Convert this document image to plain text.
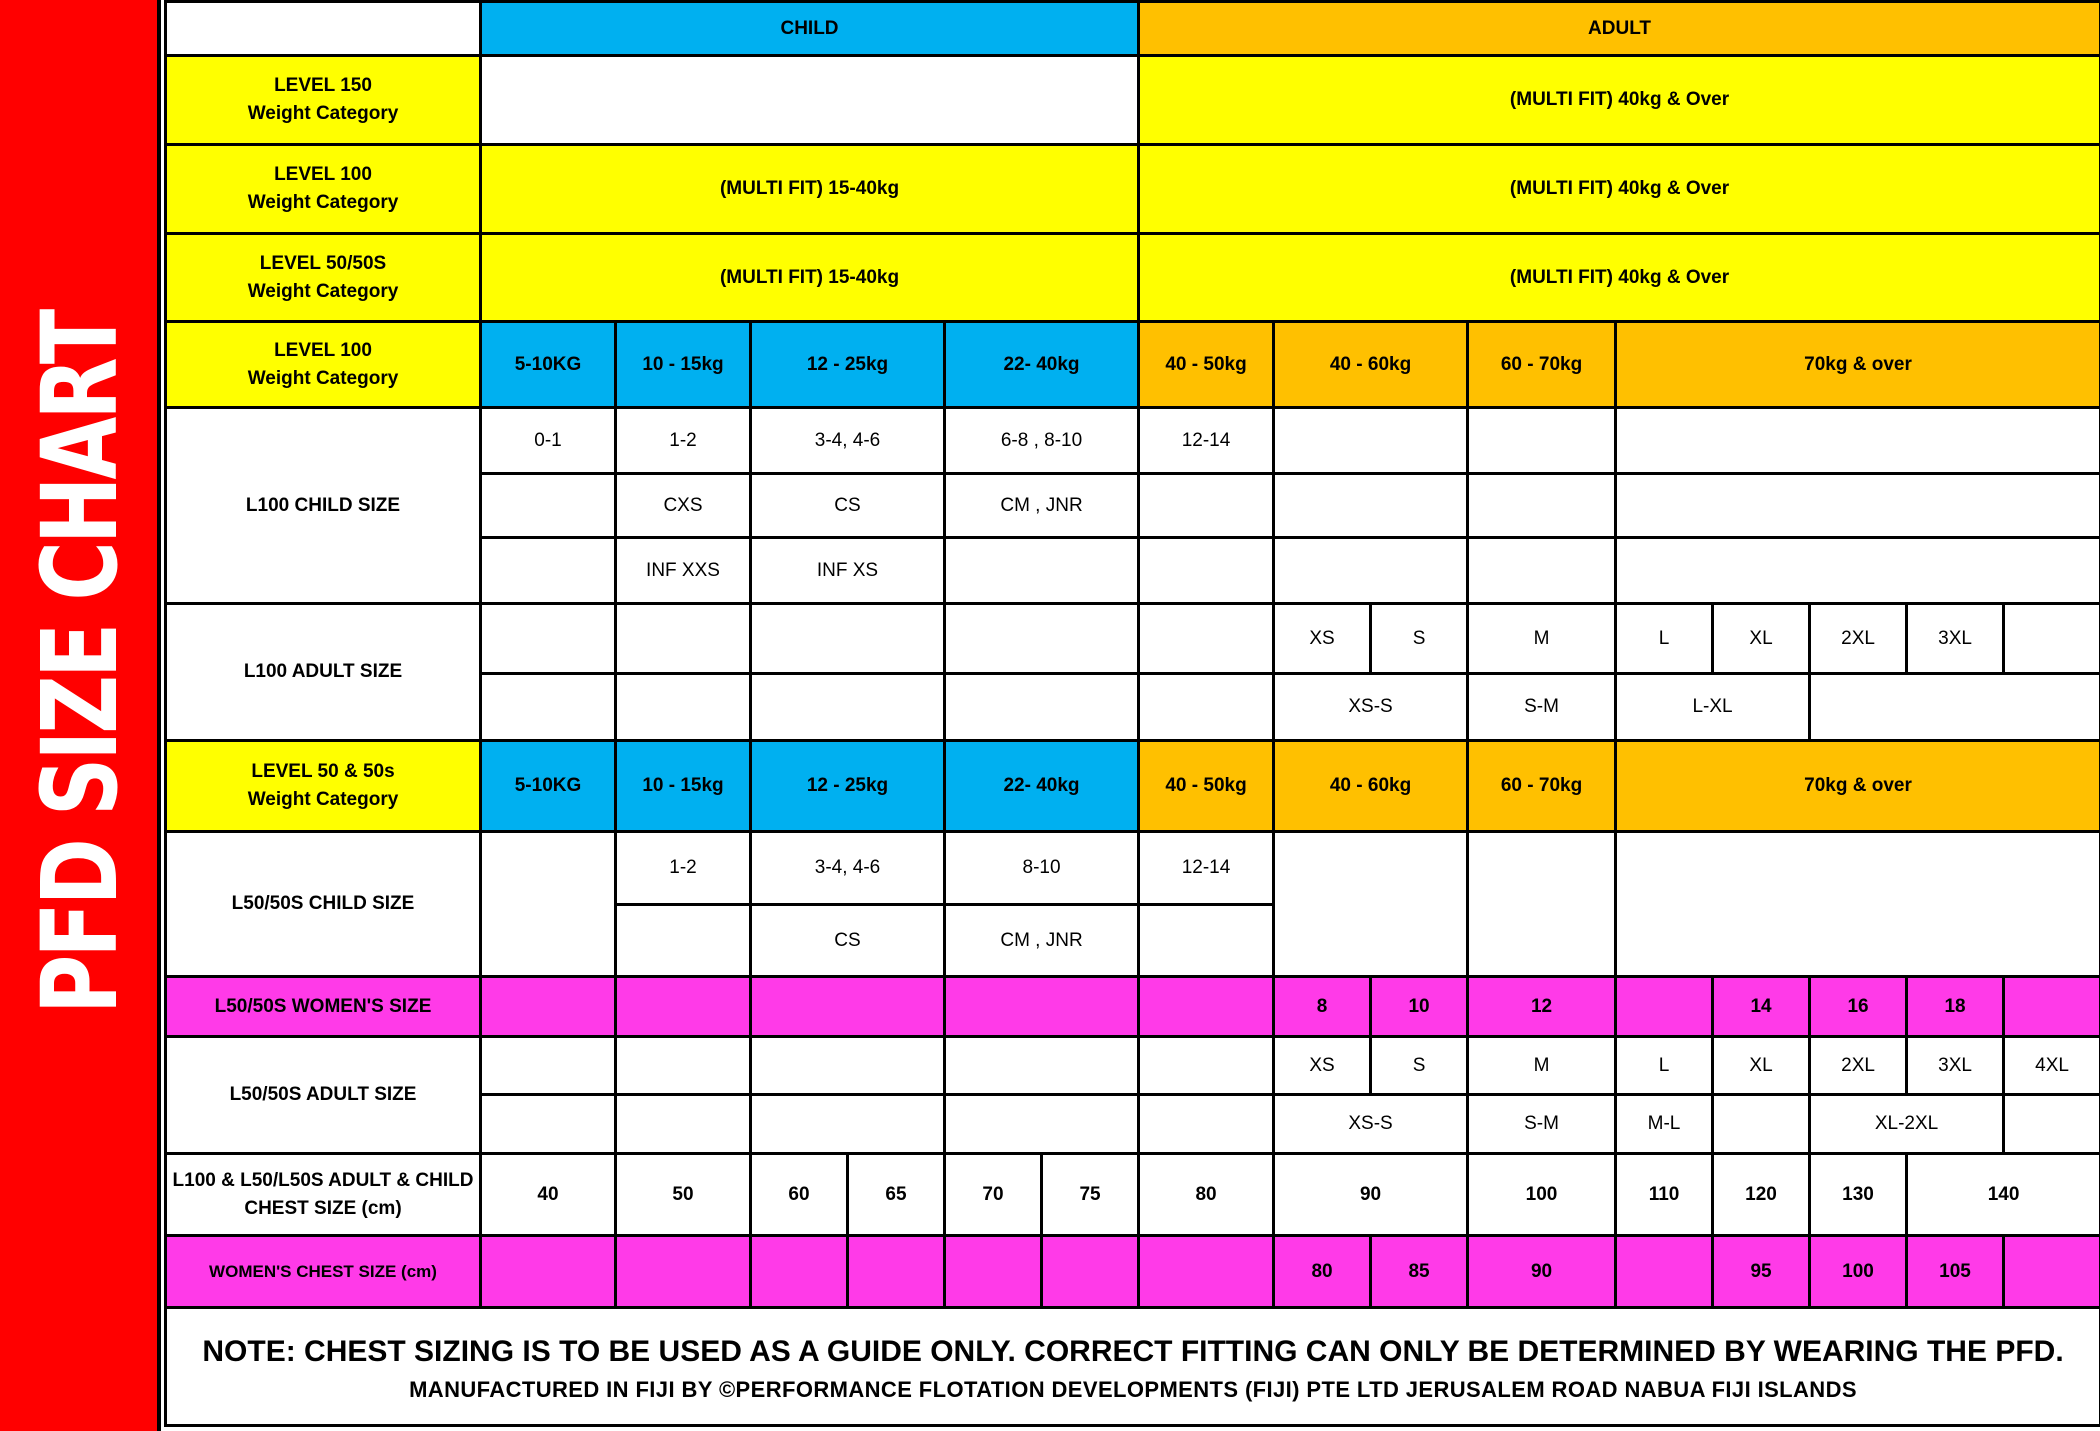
PFD SIZE CHART
	CHILD						ADULT								

LEVEL 150
Weight Category							(MULTI FIT) 40kg & Over								

LEVEL 100
Weight Category	(MULTI FIT) 15-40kg						(MULTI FIT) 40kg & Over								

LEVEL 50/50S
Weight Category	(MULTI FIT) 15-40kg						(MULTI FIT) 40kg & Over								

LEVEL 100
Weight Category	5-10KG	10 - 15kg	12 - 25kg		22- 40kg		40 - 50kg	40 - 60kg		60 - 70kg	70kg & over				
L100 CHILD SIZE	0-1	1-2	3-4, 4-6		6-8 , 8-10		12-14								
		CXS	CS		CM , JNR										
		INF XXS	INF XS												
L100 ADULT SIZE								XS	S	M	L	XL	2XL	3XL	
								XS-S		S-M	L-XL				

LEVEL 50 & 50s
Weight Category	5-10KG	10 - 15kg	12 - 25kg		22- 40kg		40 - 50kg	40 - 60kg		60 - 70kg	70kg & over				
L50/50S CHILD SIZE		1-2	3-4, 4-6		8-10		12-14								
			CS		CM , JNR										
L50/50S WOMEN'S SIZE								8	10	12		14	16	18	
L50/50S ADULT SIZE								XS	S	M	L	XL	2XL	3XL	4XL
								XS-S		S-M	M-L		XL-2XL		

L100 & L50/L50S ADULT & CHILD
CHEST SIZE (cm)	40	50	60	65	70	75	80	90		100	110	120	130	140	
WOMEN'S CHEST SIZE (cm)								80	85	90		95	100	105	

NOTE: CHEST SIZING IS TO BE USED AS A GUIDE ONLY. CORRECT FITTING CAN ONLY BE DETERMINED BY WEARING THE PFD.
MANUFACTURED IN FIJI BY ©PERFORMANCE FLOTATION DEVELOPMENTS (FIJI) PTE LTD JERUSALEM ROAD NABUA FIJI ISLANDS															
